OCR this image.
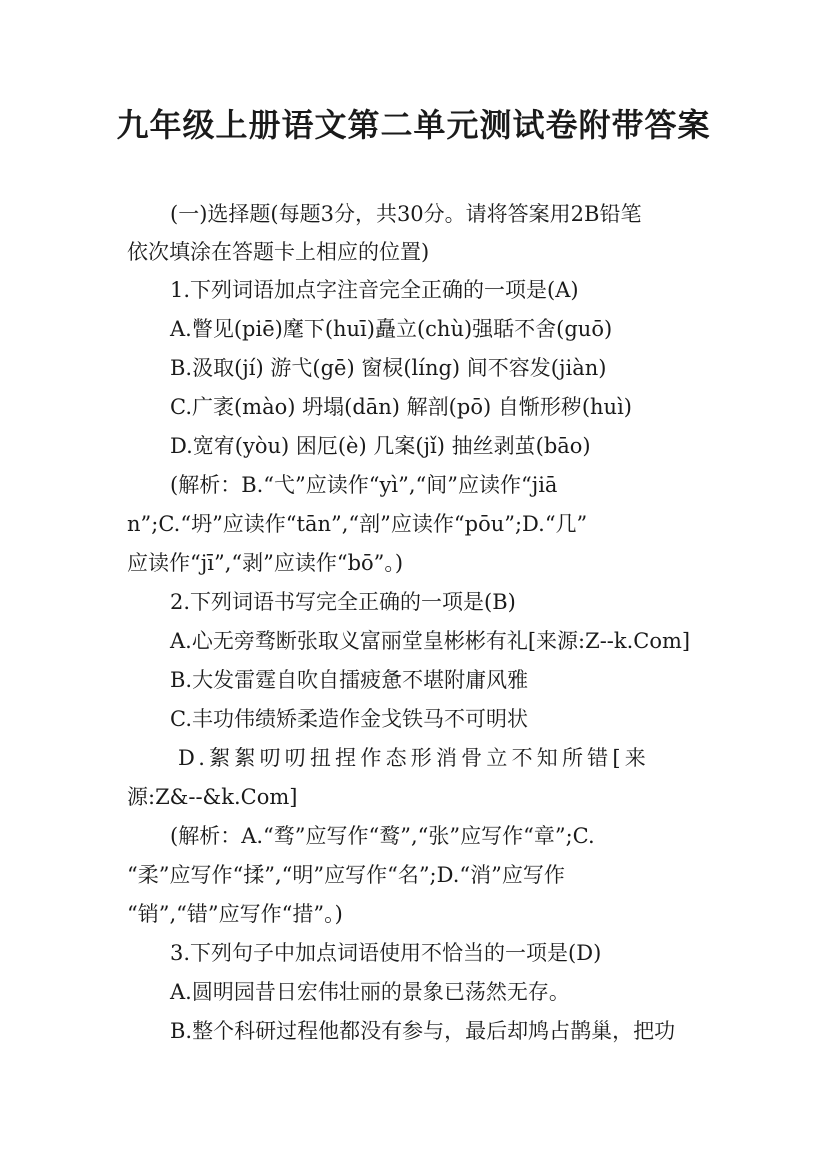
九年级上册语文第二单元测试卷附带答案
(一)选择题(每题3分，共30分。请将答案用2B铅笔
依次填涂在答题卡上相应的位置)
1.下列词语加点字注音完全正确的一项是(A)
A.瞥见(piē)麾下(huī)矗立(chù)强聒不舍(guō)
B.汲取(jí) 游弋(gē) 窗棂(líng) 间不容发(jiàn)
C.广袤(mào) 坍塌(dān) 解剖(pō) 自惭形秽(huì)
D.宽宥(yòu) 困厄(è) 几案(jǐ) 抽丝剥茧(bāo)
(解析：B.“弋”应读作“yì”,“间”应读作“jiā
n”;C.“坍”应读作“tān”,“剖”应读作“pōu”;D.“几”
应读作“jī”,“剥”应读作“bō”。)
2.下列词语书写完全正确的一项是(B)
A.心无旁骛断张取义富丽堂皇彬彬有礼[来源:Z--k.Com]
B.大发雷霆自吹自擂疲惫不堪附庸风雅
C.丰功伟绩矫柔造作金戈铁马不可明状
D.絮絮叨叨扭捏作态形消骨立不知所错[来
源:Z&--&k.Com]
(解析：A.“骛”应写作“鹜”,“张”应写作“章”;C.
“柔”应写作“揉”,“明”应写作“名”;D.“消”应写作
“销”,“错”应写作“措”。)
3.下列句子中加点词语使用不恰当的一项是(D)
A.圆明园昔日宏伟壮丽的景象已荡然无存。
B.整个科研过程他都没有参与，最后却鸠占鹊巢，把功
